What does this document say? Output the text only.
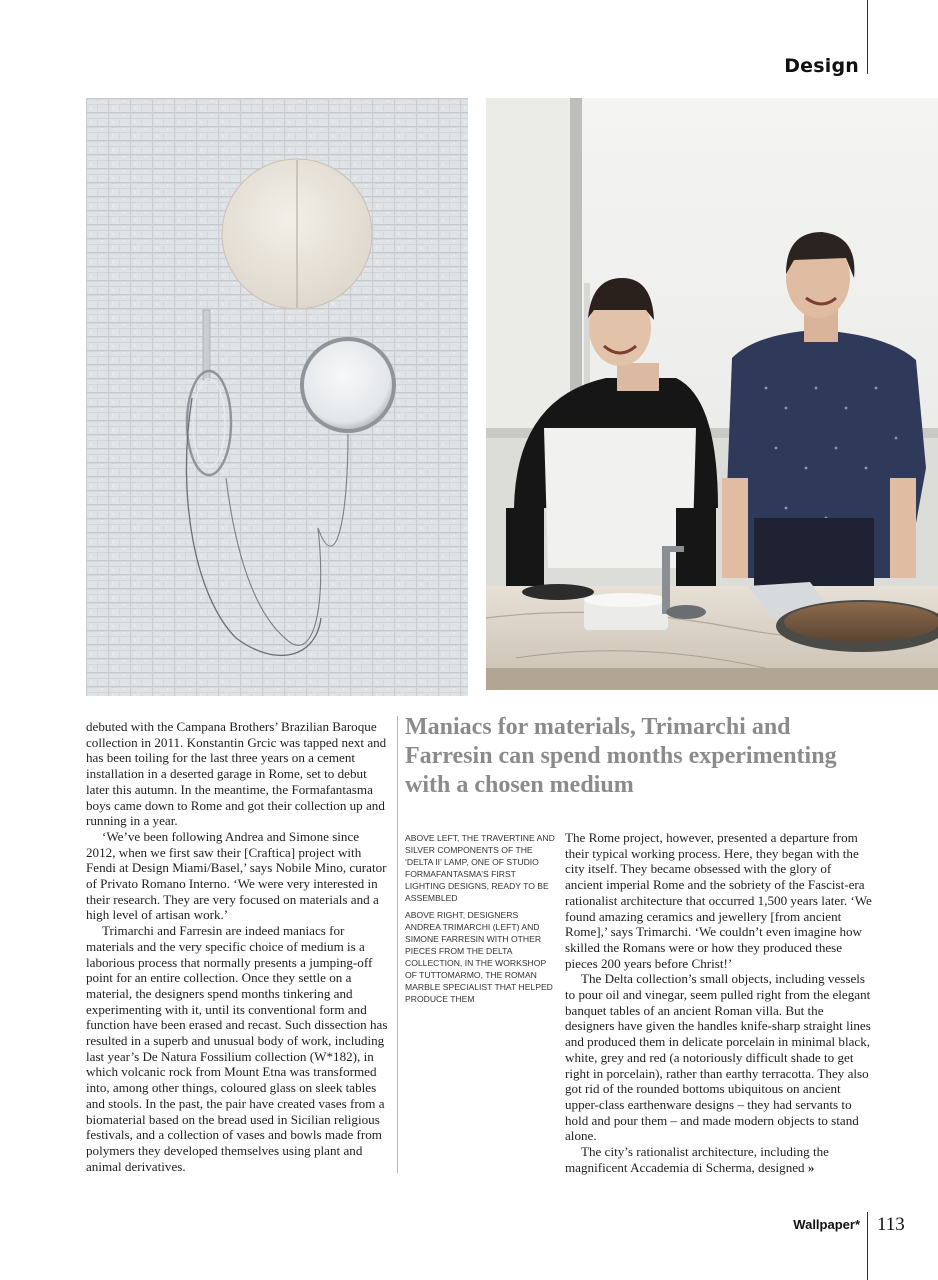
Design

debuted with the Campana Brothers’ Brazilian Baroque collection in 2011. Konstantin Grcic was tapped next and has been toiling for the last three years on a cement installation in a deserted garage in Rome, set to debut later this autumn. In the meantime, the Formafantasma boys came down to Rome and got their collection up and running in a year.

‘We’ve been following Andrea and Simone since 2012, when we first saw their [Craftica] project with Fendi at Design Miami/Basel,’ says Nobile Mino, curator of Privato Romano Interno. ‘We were very interested in their research. They are very focused on materials and a high level of artisan work.’

Trimarchi and Farresin are indeed maniacs for materials and the very specific choice of medium is a laborious process that normally presents a jumping-off point for an entire collection. Once they settle on a material, the designers spend months tinkering and experimenting with it, until its conventional form and function have been erased and recast. Such dissection has resulted in a superb and unusual body of work, including last year’s De Natura Fossilium collection (W*182), in which volcanic rock from Mount Etna was transformed into, among other things, coloured glass on sleek tables and stools. In the past, the pair have created vases from a biomaterial based on the bread used in Sicilian religious festivals, and a collection of vases and bowls made from polymers they developed themselves using plant and animal derivatives.

Maniacs for materials, Trimarchi and Farresin can spend months experimenting with a chosen medium

ABOVE LEFT, THE TRAVERTINE AND SILVER COMPONENTS OF THE ‘DELTA II’ LAMP, ONE OF STUDIO FORMAFANTASMA’S FIRST LIGHTING DESIGNS, READY TO BE ASSEMBLED

ABOVE RIGHT, DESIGNERS ANDREA TRIMARCHI (LEFT) AND SIMONE FARRESIN WITH OTHER PIECES FROM THE DELTA COLLECTION, IN THE WORKSHOP OF TUTTOMARMO, THE ROMAN MARBLE SPECIALIST THAT HELPED PRODUCE THEM

The Rome project, however, presented a departure from their typical working process. Here, they began with the city itself. They became obsessed with the glory of ancient imperial Rome and the sobriety of the Fascist-era rationalist architecture that occurred 1,500 years later. ‘We found amazing ceramics and jewellery [from ancient Rome],’ says Trimarchi. ‘We couldn’t even imagine how skilled the Romans were or how they produced these pieces 200 years before Christ!’

The Delta collection’s small objects, including vessels to pour oil and vinegar, seem pulled right from the elegant banquet tables of an ancient Roman villa. But the designers have given the handles knife-sharp straight lines and produced them in delicate porcelain in minimal black, white, grey and red (a notoriously difficult shade to get right in porcelain), rather than earthy terracotta. They also got rid of the rounded bottoms ubiquitous on ancient upper-class earthenware designs – they had servants to hold and pour them – and made modern objects to stand alone.

The city’s rationalist architecture, including the magnificent Accademia di Scherma, designed »

Wallpaper* 113
